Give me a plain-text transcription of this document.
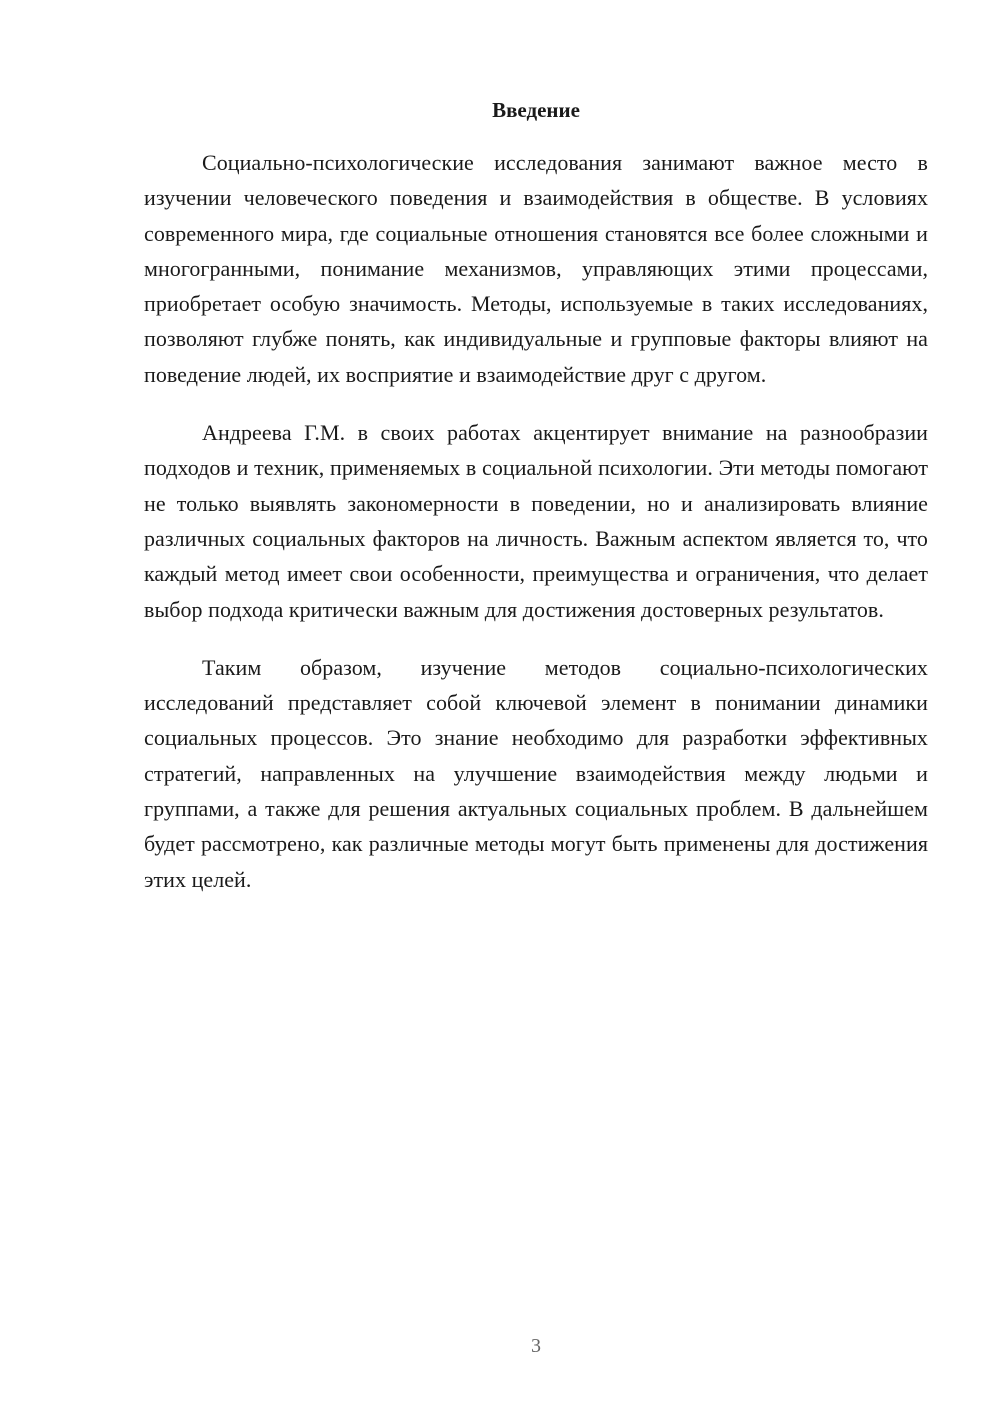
Введение

Социально-психологические исследования занимают важное место в изучении человеческого поведения и взаимодействия в обществе. В условиях современного мира, где социальные отношения становятся все более сложными и многогранными, понимание механизмов, управляющих этими процессами, приобретает особую значимость. Методы, используемые в таких исследованиях, позволяют глубже понять, как индивидуальные и групповые факторы влияют на поведение людей, их восприятие и взаимодействие друг с другом.

Андреева Г.М. в своих работах акцентирует внимание на разнообразии подходов и техник, применяемых в социальной психологии. Эти методы помогают не только выявлять закономерности в поведении, но и анализировать влияние различных социальных факторов на личность. Важным аспектом является то, что каждый метод имеет свои особенности, преимущества и ограничения, что делает выбор подхода критически важным для достижения достоверных результатов.

Таким образом, изучение методов социально-психологических исследований представляет собой ключевой элемент в понимании динамики социальных процессов. Это знание необходимо для разработки эффективных стратегий, направленных на улучшение взаимодействия между людьми и группами, а также для решения актуальных социальных проблем. В дальнейшем будет рассмотрено, как различные методы могут быть применены для достижения этих целей.

3
